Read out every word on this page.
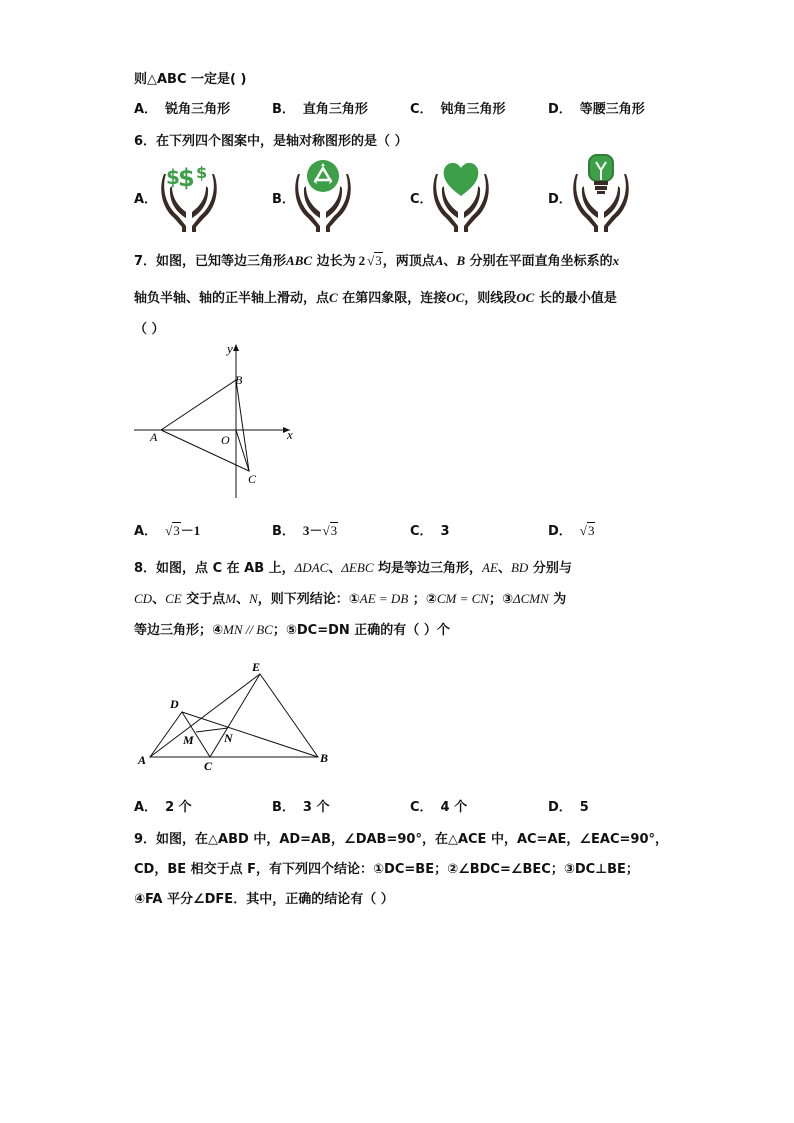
则△ABC 一定是( )
A． 锐角三角形	B． 直角三角形	C． 钝角三角形	D． 等腰三角形
6．在下列四个图案中，是轴对称图形的是（ ）
A．
$
$ $
B．	C．	D．
7．如图，已知等边三角形ABC 边长为 2 √3，两顶点A、B 分别在平面直角坐标系的x
轴负半轴、轴的正半轴上滑动，点C 在第四象限，连接OC，则线段OC 长的最小值是
（ ）
y
x
B
A	O
C
A． √3－1	B． 3－√3	C． 3	D． √3
8．如图，点 C 在 AB 上，ΔDAC、ΔEBC 均是等边三角形，AE、BD 分别与
CD、CE 交于点M、N，则下列结论：①AE = DB ；②CM = CN；③ΔCMN 为
等边三角形；④MN // BC；⑤DC=DN 正确的有（ ）个
E
D
M	N
A	C
B
A． 2 个	B． 3 个	C． 4 个	D． 5
9．如图，在△ABD 中，AD=AB，∠DAB=90°，在△ACE 中，AC=AE，∠EAC=90°，
CD，BE 相交于点 F，有下列四个结论：①DC=BE；②∠BDC=∠BEC；③DC⊥BE；
④FA 平分∠DFE．其中，正确的结论有（ ）
